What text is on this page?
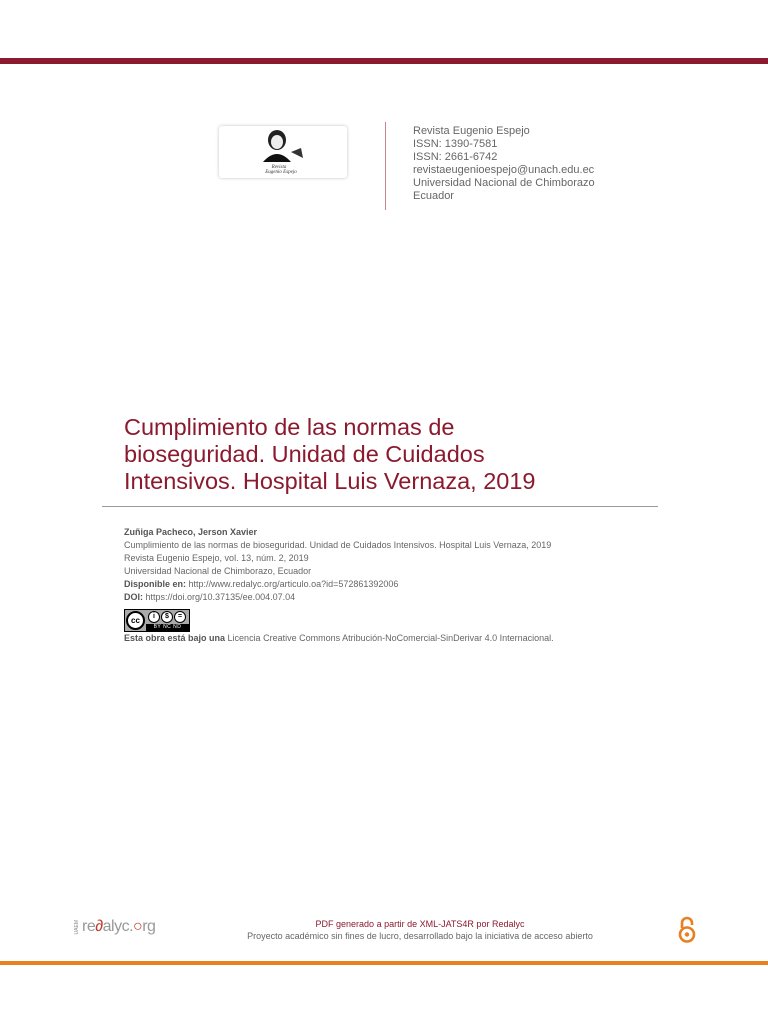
Revista
Eugenio Espejo
Revista Eugenio Espejo
ISSN: 1390-7581
ISSN: 2661-6742
revistaeugenioespejo@unach.edu.ec
Universidad Nacional de Chimborazo
Ecuador
Cumplimiento de las normas de
bioseguridad. Unidad de Cuidados
Intensivos. Hospital Luis Vernaza, 2019
Zuñiga Pacheco, Jerson Xavier
Cumplimiento de las normas de bioseguridad. Unidad de Cuidados Intensivos. Hospital Luis Vernaza, 2019
Revista Eugenio Espejo, vol. 13, núm. 2, 2019
Universidad Nacional de Chimborazo, Ecuador
Disponible en: http://www.redalyc.org/articulo.oa?id=572861392006
DOI: https://doi.org/10.37135/ee.004.07.04
cc	i	$	=
BY NC ND
Esta obra está bajo una Licencia Creative Commons Atribución-NoComercial-SinDerivar 4.0 Internacional.
UAEM re∂alyc.○rg	PDF generado a partir de XML-JATS4R por Redalyc
Proyecto académico sin fines de lucro, desarrollado bajo la iniciativa de acceso abierto
